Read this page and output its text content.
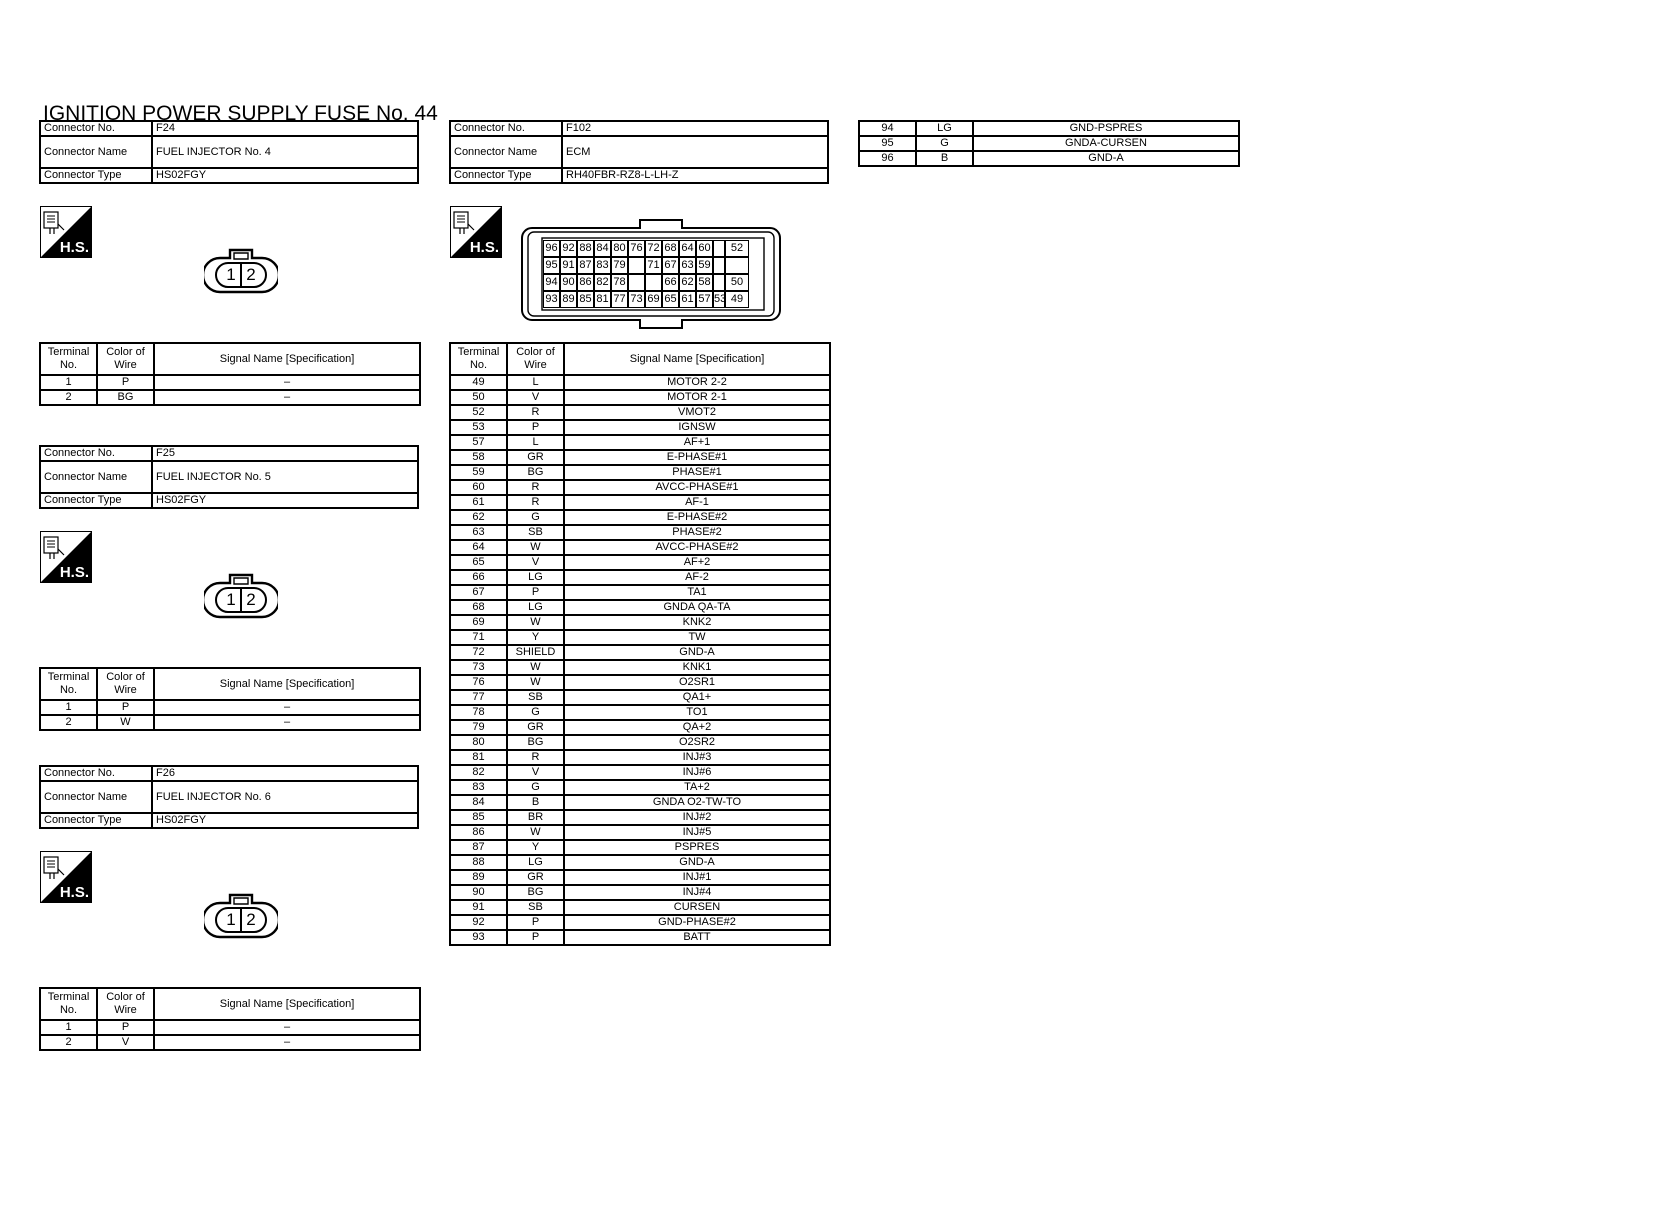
IGNITION POWER SUPPLY FUSE No. 44
Connector No.	F24
Connector Name	FUEL INJECTOR No. 4
Connector Type	HS02FGY
H.S.
1 2
Terminal No.	Color of Wire	Signal Name [Specification]
1	P	–
2	BG	–
Connector No.	F25
Connector Name	FUEL INJECTOR No. 5
Connector Type	HS02FGY
H.S.
1 2
Terminal No.	Color of Wire	Signal Name [Specification]
1	P	–
2	W	–
Connector No.	F26
Connector Name	FUEL INJECTOR No. 6
Connector Type	HS02FGY
H.S.
1 2
Terminal No.	Color of Wire	Signal Name [Specification]
1	P	–
2	V	–
Connector No.	F102
Connector Name	ECM
Connector Type	RH40FBR-RZ8-L-LH-Z
H.S.	96 92 88 84 80 76 72 68 64 60	52
95 91 87 83 79 71 67 63 59
94 90 86 82 78	66 62 58	50
93 89 85 81 77 73 69 65 61 57 53 49
Terminal No.	Color of Wire	Signal Name [Specification]
49	L	MOTOR 2-2
50	V	MOTOR 2-1
52	R	VMOT2
53	P	IGNSW
57	L	AF+1
58	GR	E-PHASE#1
59	BG	PHASE#1
60	R	AVCC-PHASE#1
61	R	AF-1
62	G	E-PHASE#2
63	SB	PHASE#2
64	W	AVCC-PHASE#2
65	V	AF+2
66	LG	AF-2
67	P	TA1
68	LG	GNDA QA-TA
69	W	KNK2
71	Y	TW
72	SHIELD	GND-A
73	W	KNK1
76	W	O2SR1
77	SB	QA1+
78	G	TO1
79	GR	QA+2
80	BG	O2SR2
81	R	INJ#3
82	V	INJ#6
83	G	TA+2
84	B	GNDA O2-TW-TO
85	BR	INJ#2
86	W	INJ#5
87	Y	PSPRES
88	LG	GND-A
89	GR	INJ#1
90	BG	INJ#4
91	SB	CURSEN
92	P	GND-PHASE#2
93	P	BATT
94	LG	GND-PSPRES
95	G	GNDA-CURSEN
96	B	GND-A
